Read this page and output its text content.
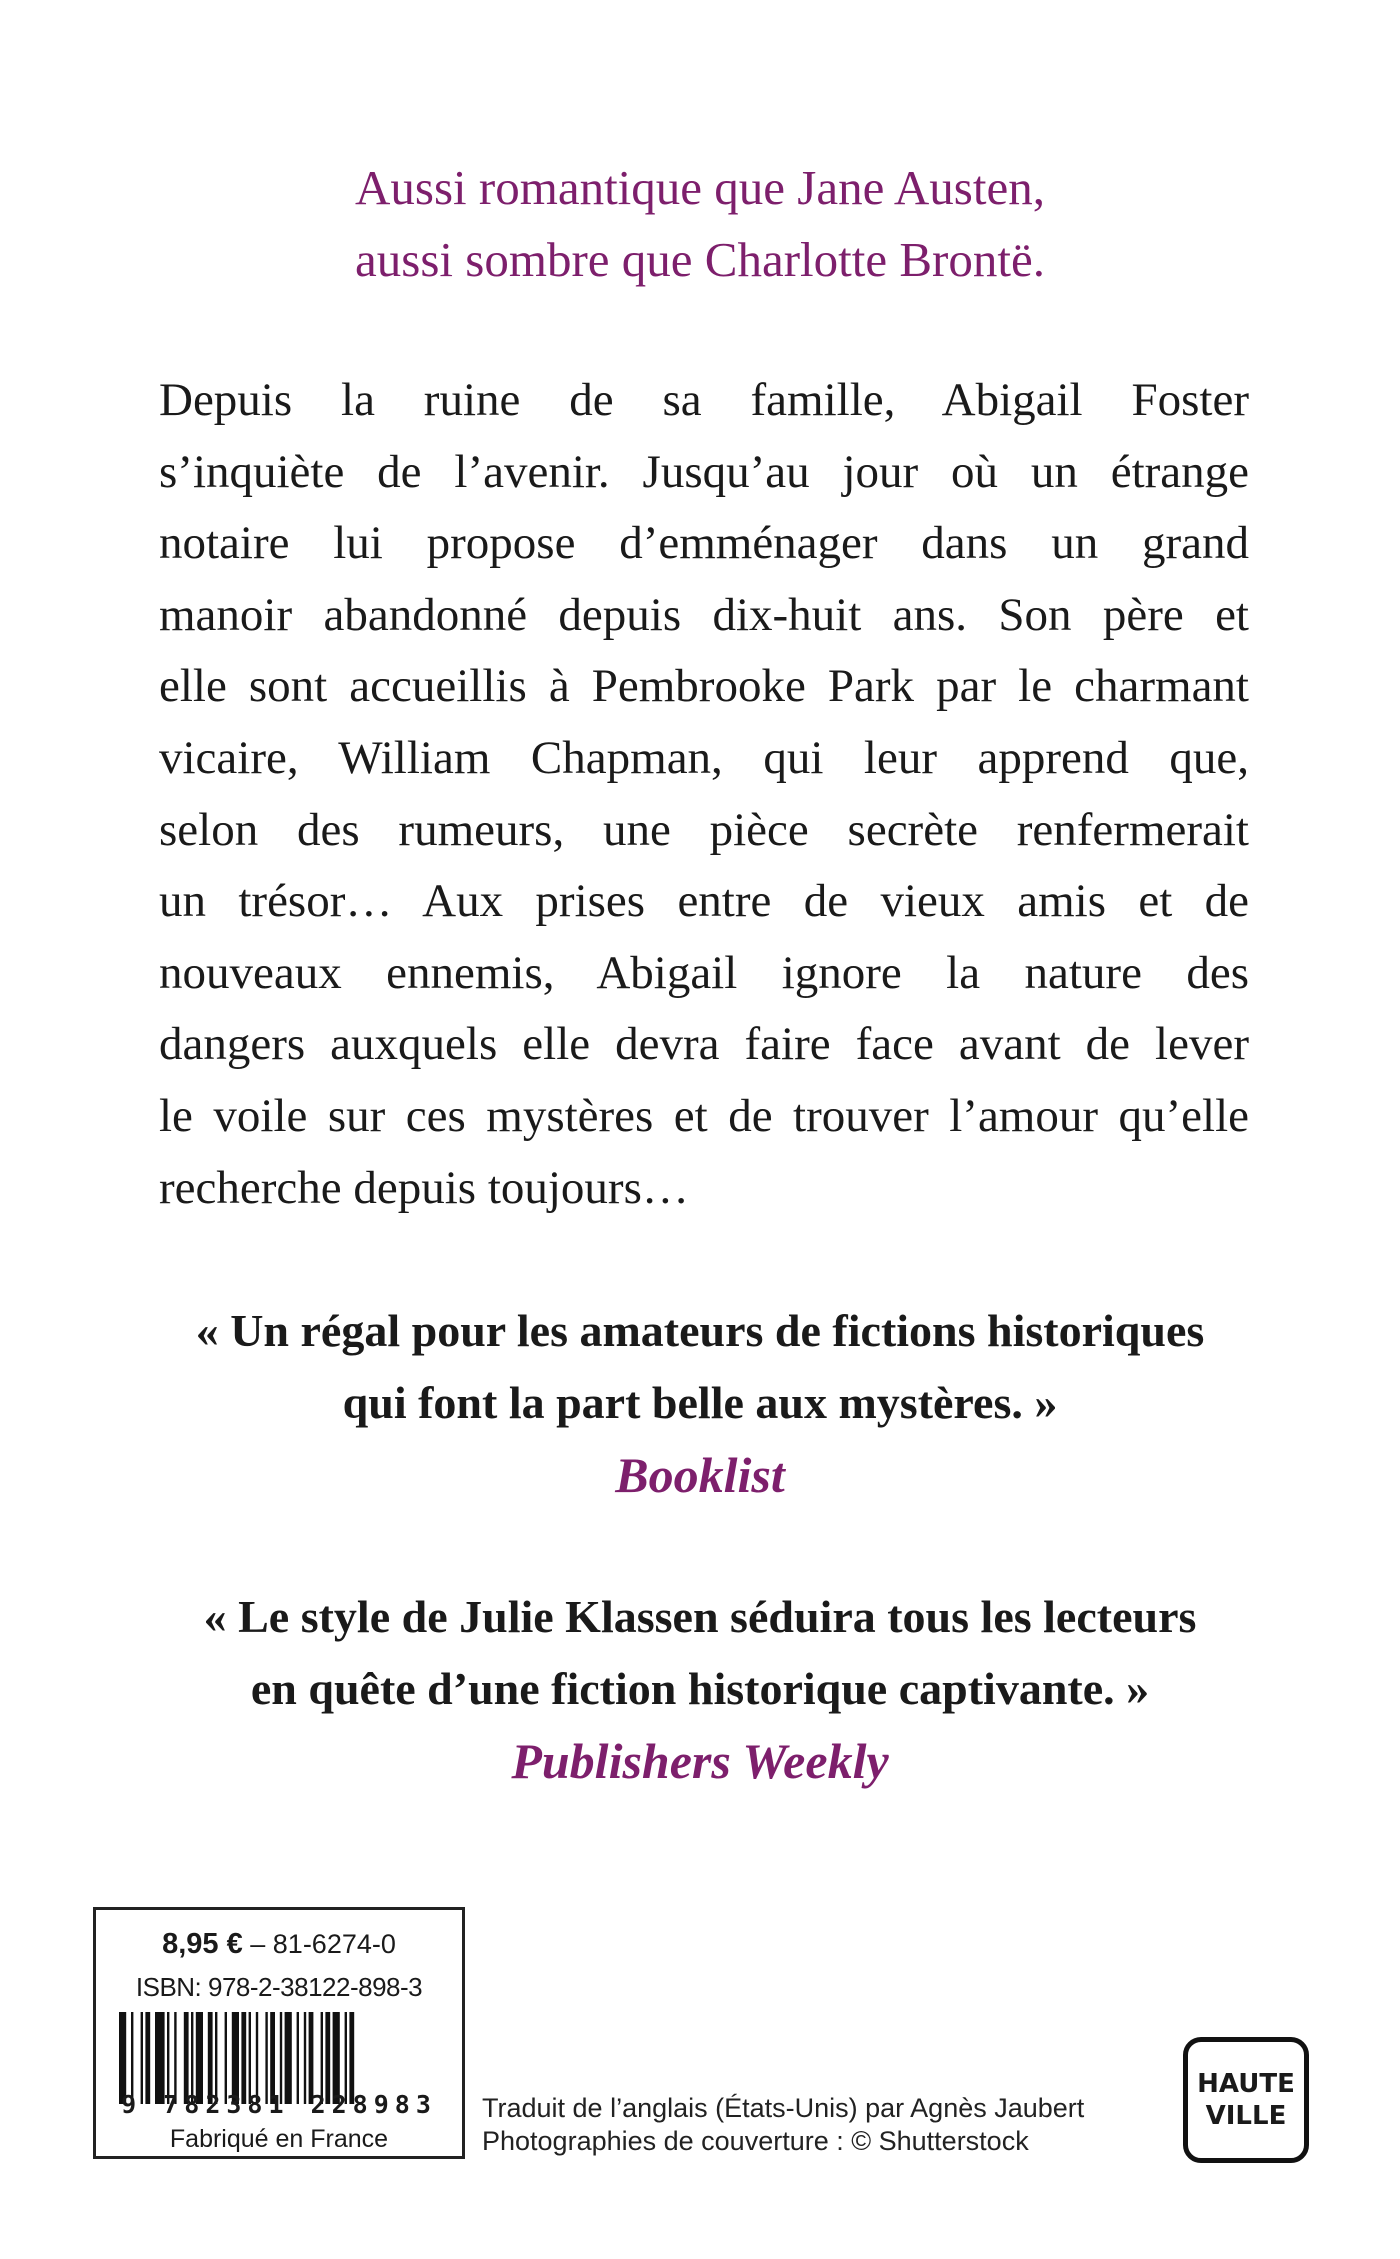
Aussi romantique que Jane Austen,
aussi sombre que Charlotte Brontë.
Depuis la ruine de sa famille, Abigail Foster
s’inquiète de l’avenir. Jusqu’au jour où un étrange
notaire lui propose d’emménager dans un grand
manoir abandonné depuis dix-huit ans. Son père et
elle sont accueillis à Pembrooke Park par le charmant
vicaire, William Chapman, qui leur apprend que,
selon des rumeurs, une pièce secrète renfermerait
un trésor… Aux prises entre de vieux amis et de
nouveaux ennemis, Abigail ignore la nature des
dangers auxquels elle devra faire face avant de lever
le voile sur ces mystères et de trouver l’amour qu’elle
recherche depuis toujours…
« Un régal pour les amateurs de fictions historiques
qui font la part belle aux mystères. »
Booklist
« Le style de Julie Klassen séduira tous les lecteurs
en quête d’une fiction historique captivante. »
Publishers Weekly
8,95 € – 81-6274-0
ISBN: 978-2-38122-898-3
9 782381 228983
Fabriqué en France
Traduit de l’anglais (États-Unis) par Agnès Jaubert
Photographies de couverture : © Shutterstock
HAUTE
VILLE
